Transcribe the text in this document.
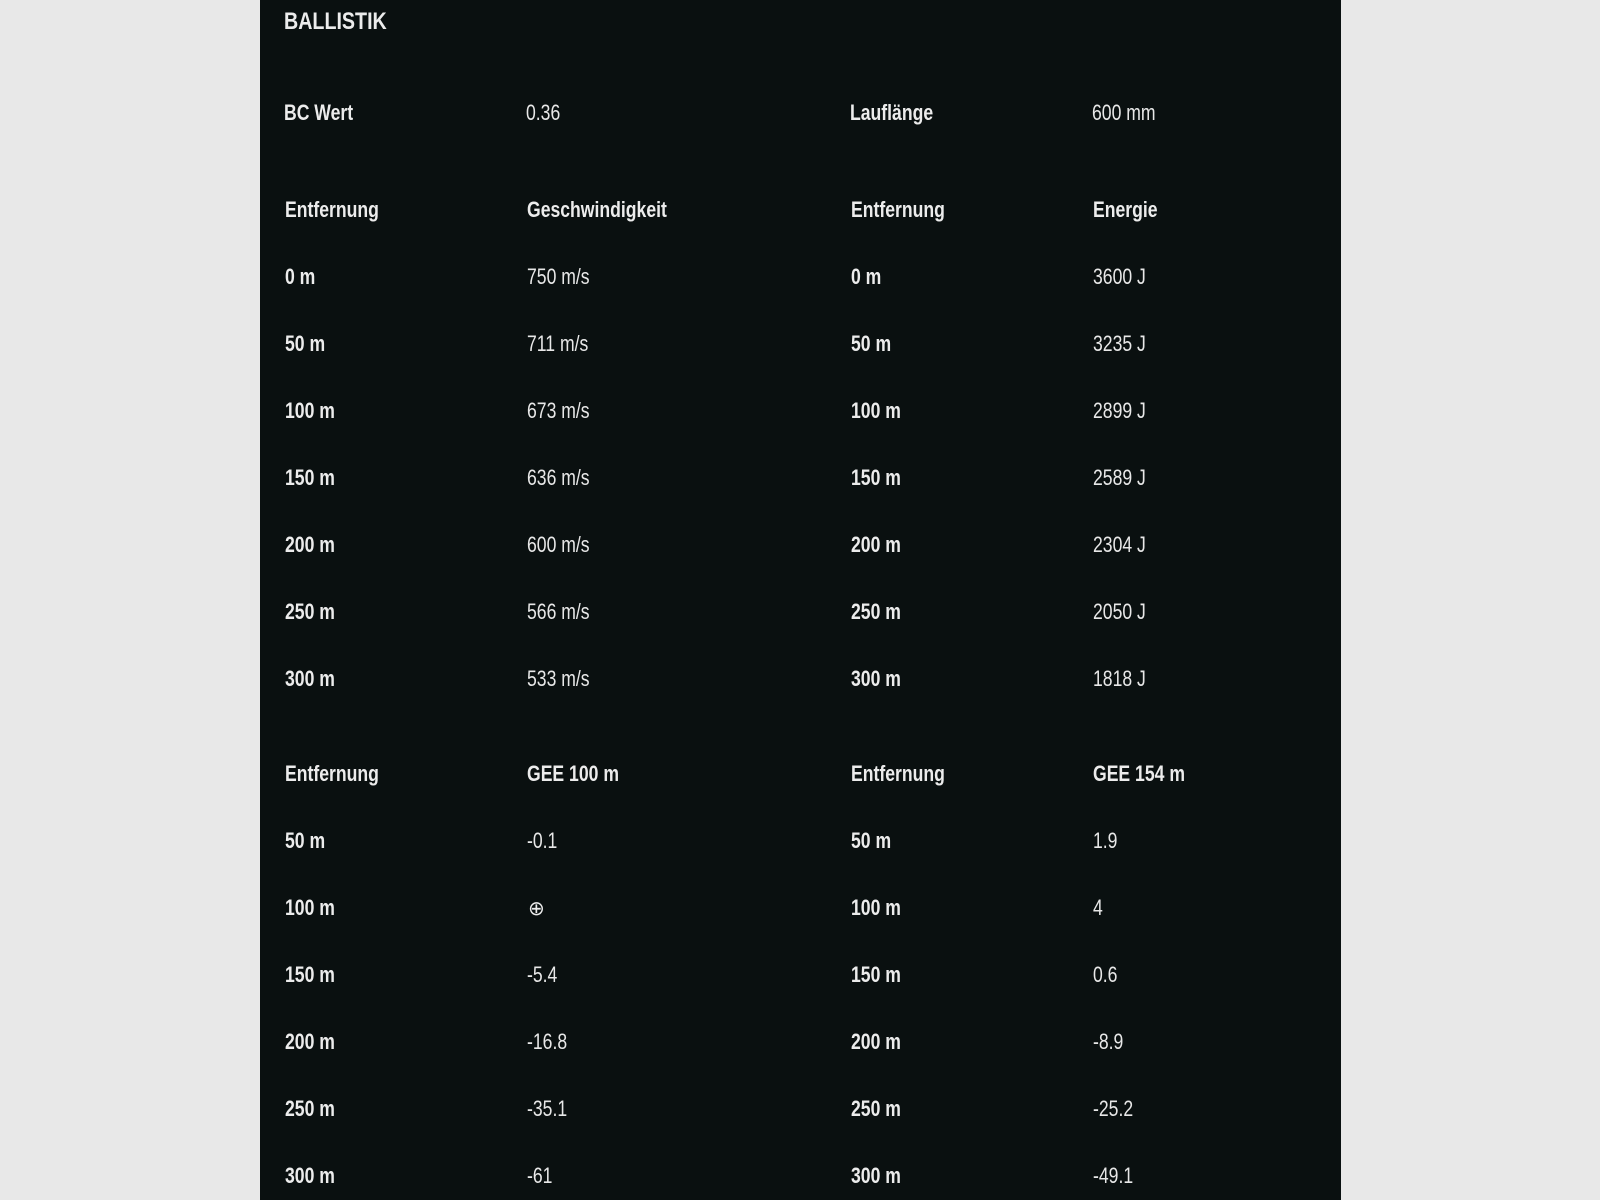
BALLISTIK
BC Wert	0.36	Lauflänge	600 mm
Entfernung	Geschwindigkeit	Entfernung	Energie
0 m	750 m/s	0 m	3600 J
50 m	711 m/s	50 m	3235 J
100 m	673 m/s	100 m	2899 J
150 m	636 m/s	150 m	2589 J
200 m	600 m/s	200 m	2304 J
250 m	566 m/s	250 m	2050 J
300 m	533 m/s	300 m	1818 J
Entfernung	GEE 100 m	Entfernung	GEE 154 m
50 m	-0.1	50 m	1.9
100 m	⊕	100 m	4
150 m	-5.4	150 m	0.6
200 m	-16.8	200 m	-8.9
250 m	-35.1	250 m	-25.2
300 m	-61	300 m	-49.1
